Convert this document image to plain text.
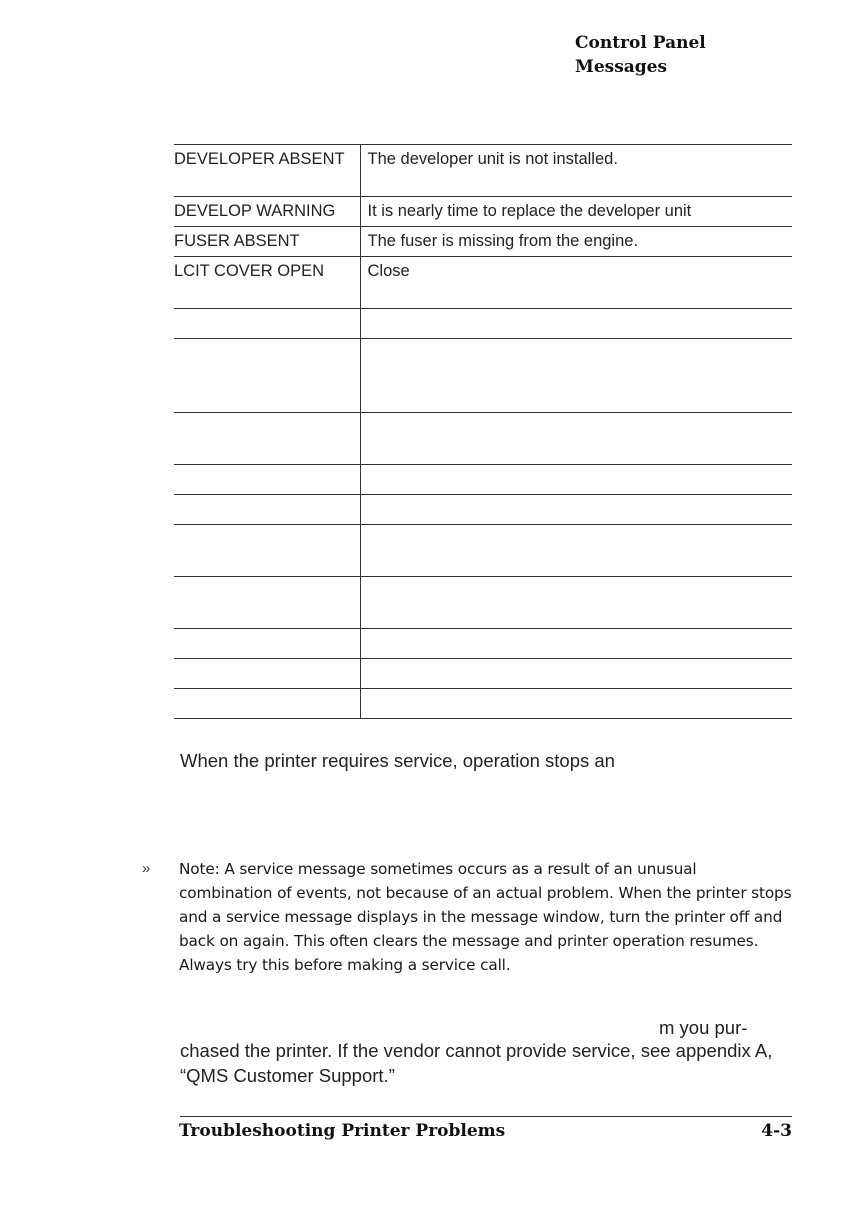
Control Panel
Messages
DEVELOPER ABSENT	The developer unit is not installed.
DEVELOP WARNING	It is nearly time to replace the developer unit
FUSER ABSENT	The fuser is missing from the engine.
LCIT COVER OPEN	Close

When the printer requires service, operation stops an
» Note: A service message sometimes occurs as a result of an unusual combination of events, not because of an actual problem. When the printer stops and a service message displays in the message window, turn the printer off and back on again. This often clears the message and printer operation resumes. Always try this before making a service call.
m you pur-
chased the printer. If the vendor cannot provide service, see appendix A, “QMS Customer Support.”
Troubleshooting Printer Problems	4-3
